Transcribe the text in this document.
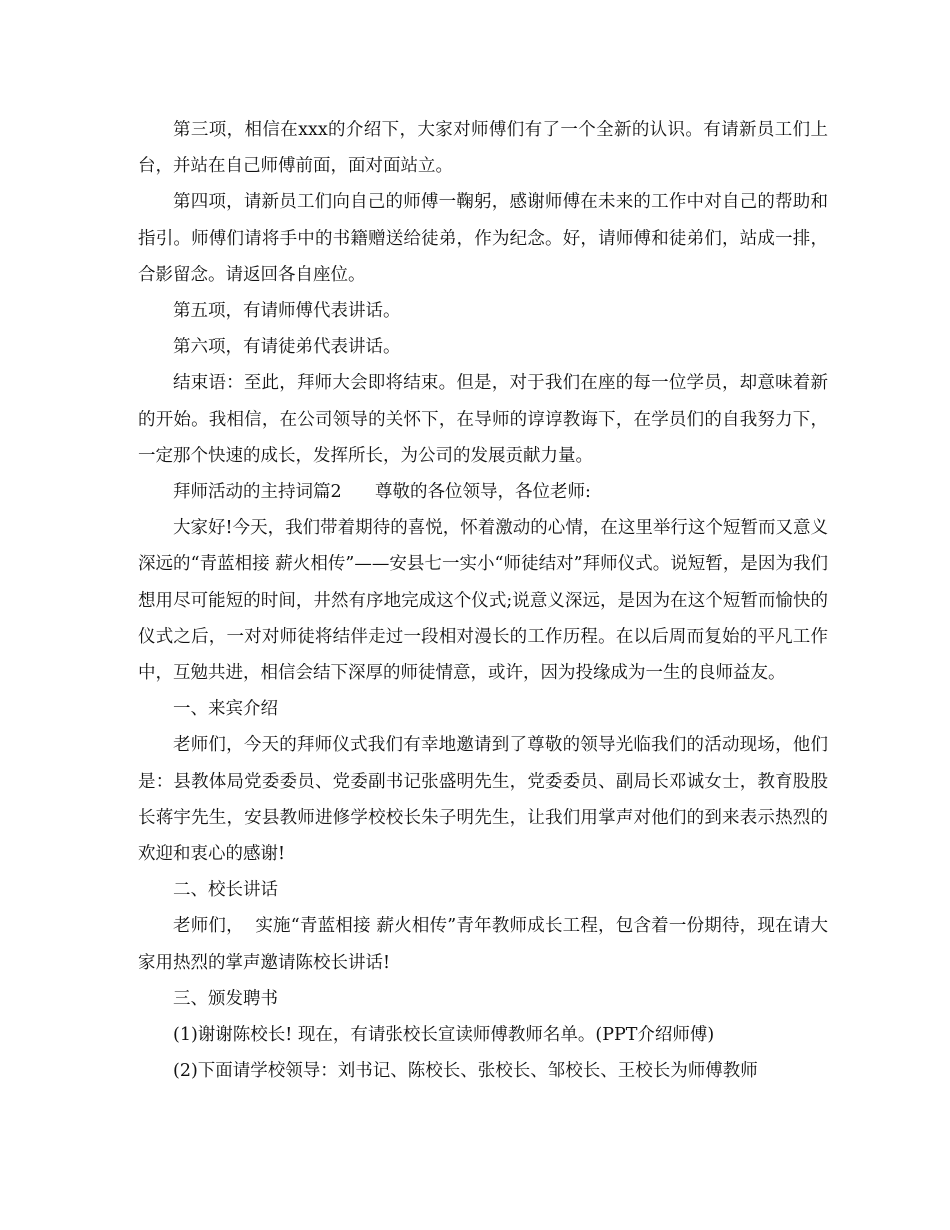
第三项，相信在xxx的介绍下，大家对师傅们有了一个全新的认识。有请新员工们上台，并站在自己师傅前面，面对面站立。

第四项，请新员工们向自己的师傅一鞠躬，感谢师傅在未来的工作中对自己的帮助和指引。师傅们请将手中的书籍赠送给徒弟，作为纪念。好，请师傅和徒弟们，站成一排，合影留念。请返回各自座位。

第五项，有请师傅代表讲话。

第六项，有请徒弟代表讲话。

结束语：至此，拜师大会即将结束。但是，对于我们在座的每一位学员，却意味着新的开始。我相信，在公司领导的关怀下，在导师的谆谆教诲下，在学员们的自我努力下，一定那个快速的成长，发挥所长，为公司的发展贡献力量。

拜师活动的主持词篇2      尊敬的各位领导，各位老师:

大家好!今天，我们带着期待的喜悦，怀着激动的心情，在这里举行这个短暂而又意义深远的“青蓝相接 薪火相传”——安县七一实小“师徒结对”拜师仪式。说短暂，是因为我们想用尽可能短的时间，井然有序地完成这个仪式;说意义深远，是因为在这个短暂而愉快的仪式之后，一对对师徒将结伴走过一段相对漫长的工作历程。在以后周而复始的平凡工作中，互勉共进，相信会结下深厚的师徒情意，或许，因为投缘成为一生的良师益友。

一、来宾介绍

老师们，今天的拜师仪式我们有幸地邀请到了尊敬的领导光临我们的活动现场，他们是：县教体局党委委员、党委副书记张盛明先生，党委委员、副局长邓诚女士，教育股股长蒋宇先生，安县教师进修学校校长朱子明先生，让我们用掌声对他们的到来表示热烈的欢迎和衷心的感谢!

二、校长讲话

老师们，  实施“青蓝相接 薪火相传”青年教师成长工程，包含着一份期待，现在请大家用热烈的掌声邀请陈校长讲话!

三、颁发聘书

(1)谢谢陈校长! 现在，有请张校长宣读师傅教师名单。(PPT介绍师傅)

(2)下面请学校领导：刘书记、陈校长、张校长、邹校长、王校长为师傅教师
